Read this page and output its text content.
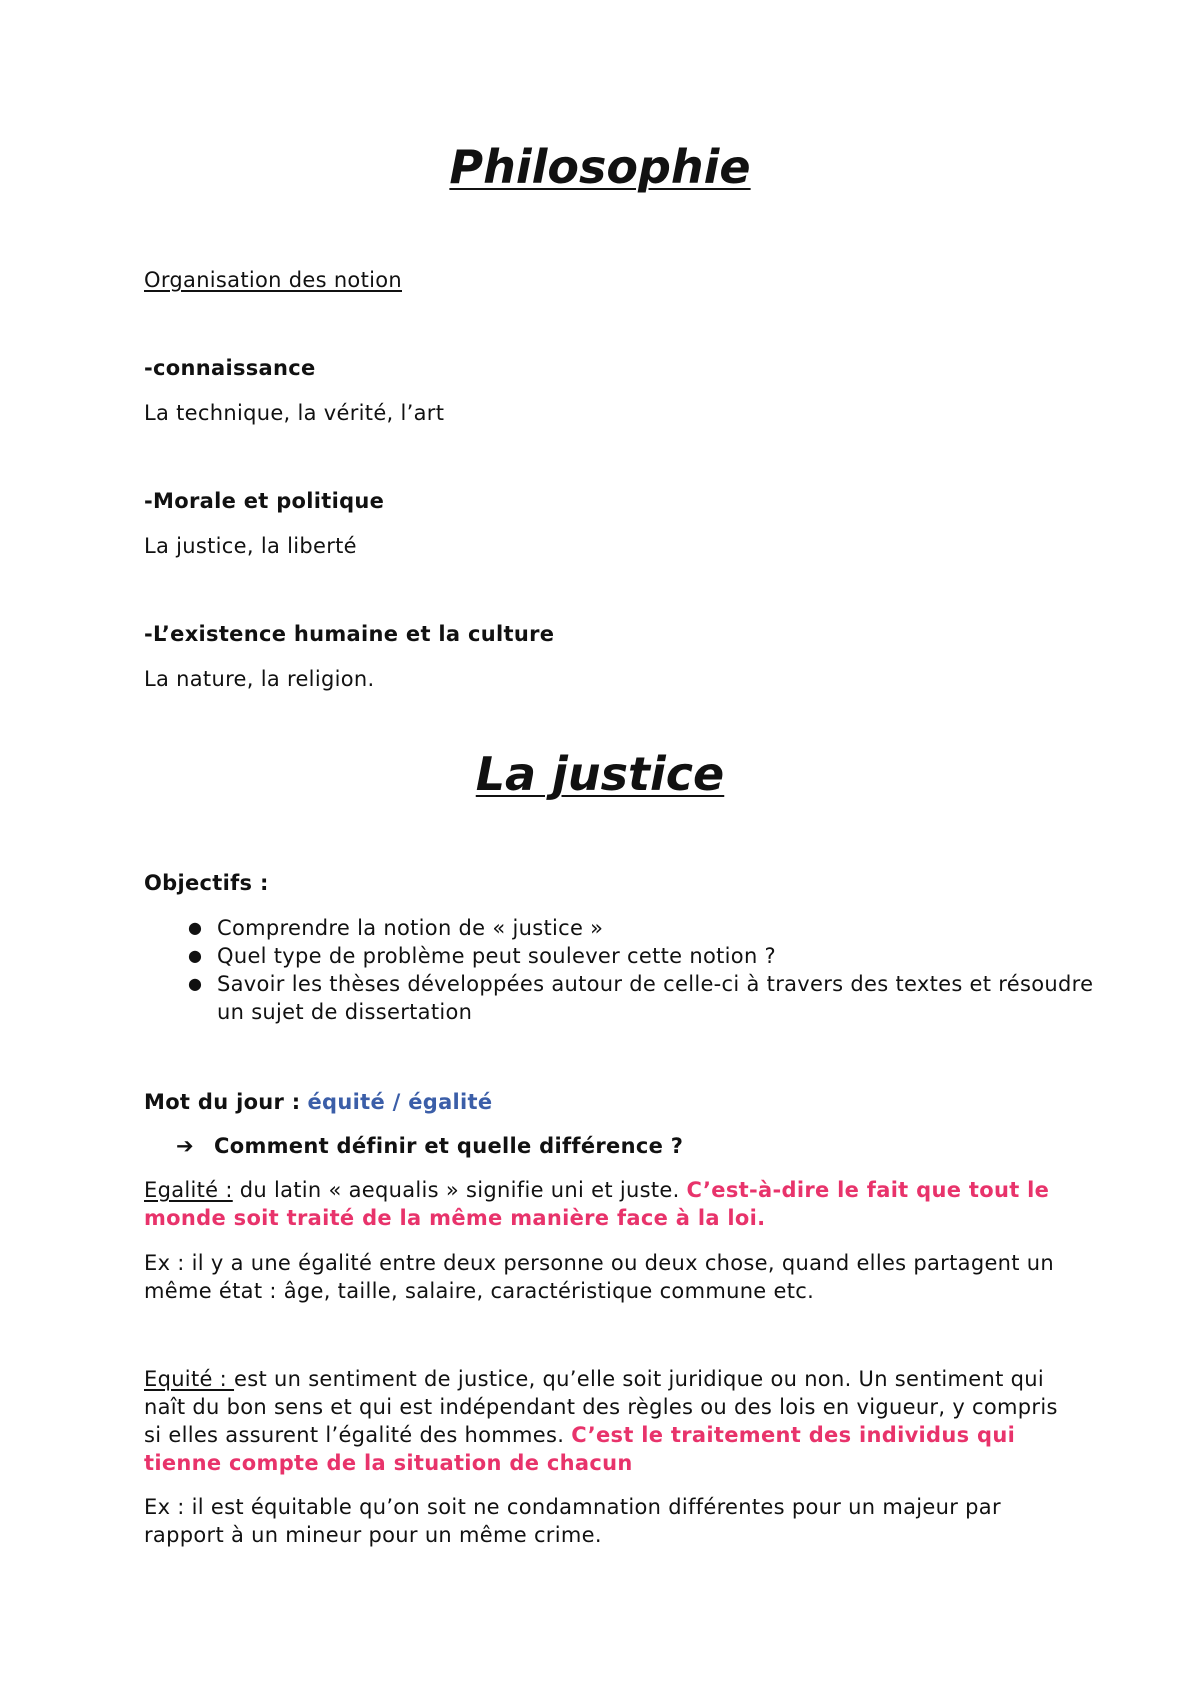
Philosophie

Organisation des notion

-connaissance

La technique, la vérité, l’art

-Morale et politique

La justice, la liberté

-L’existence humaine et la culture

La nature, la religion.

La justice

Objectifs :

● Comprendre la notion de « justice »
● Quel type de problème peut soulever cette notion ?
● Savoir les thèses développées autour de celle-ci à travers des textes et résoudre un sujet de dissertation

Mot du jour : équité / égalité

➔ Comment définir et quelle différence ?

Egalité : du latin « aequalis » signifie uni et juste. C’est-à-dire le fait que tout le monde soit traité de la même manière face à la loi.

Ex : il y a une égalité entre deux personne ou deux chose, quand elles partagent un même état : âge, taille, salaire, caractéristique commune etc.

Equité : est un sentiment de justice, qu’elle soit juridique ou non. Un sentiment qui naît du bon sens et qui est indépendant des règles ou des lois en vigueur, y compris si elles assurent l’égalité des hommes. C’est le traitement des individus qui tienne compte de la situation de chacun

Ex : il est équitable qu’on soit ne condamnation différentes pour un majeur par rapport à un mineur pour un même crime.
